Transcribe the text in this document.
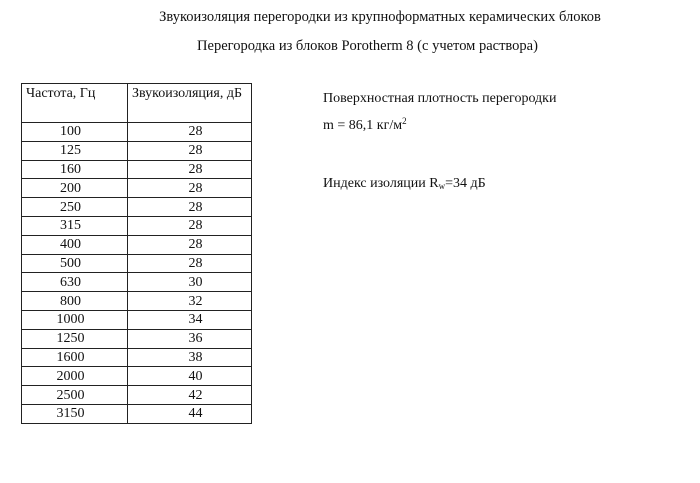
Звукоизоляция перегородки из крупноформатных керамических блоков
Перегородка из блоков Porotherm 8 (с учетом раствора)
Частота, Гц	Звукоизоляция, дБ
100	28
125	28
160	28
200	28
250	28
315	28
400	28
500	28
630	30
800	32
1000	34
1250	36
1600	38
2000	40
2500	42
3150	44
Поверхностная плотность перегородки
m = 86,1 $кг/м^2$
Индекс изоляции $R_w=34$ дБ
